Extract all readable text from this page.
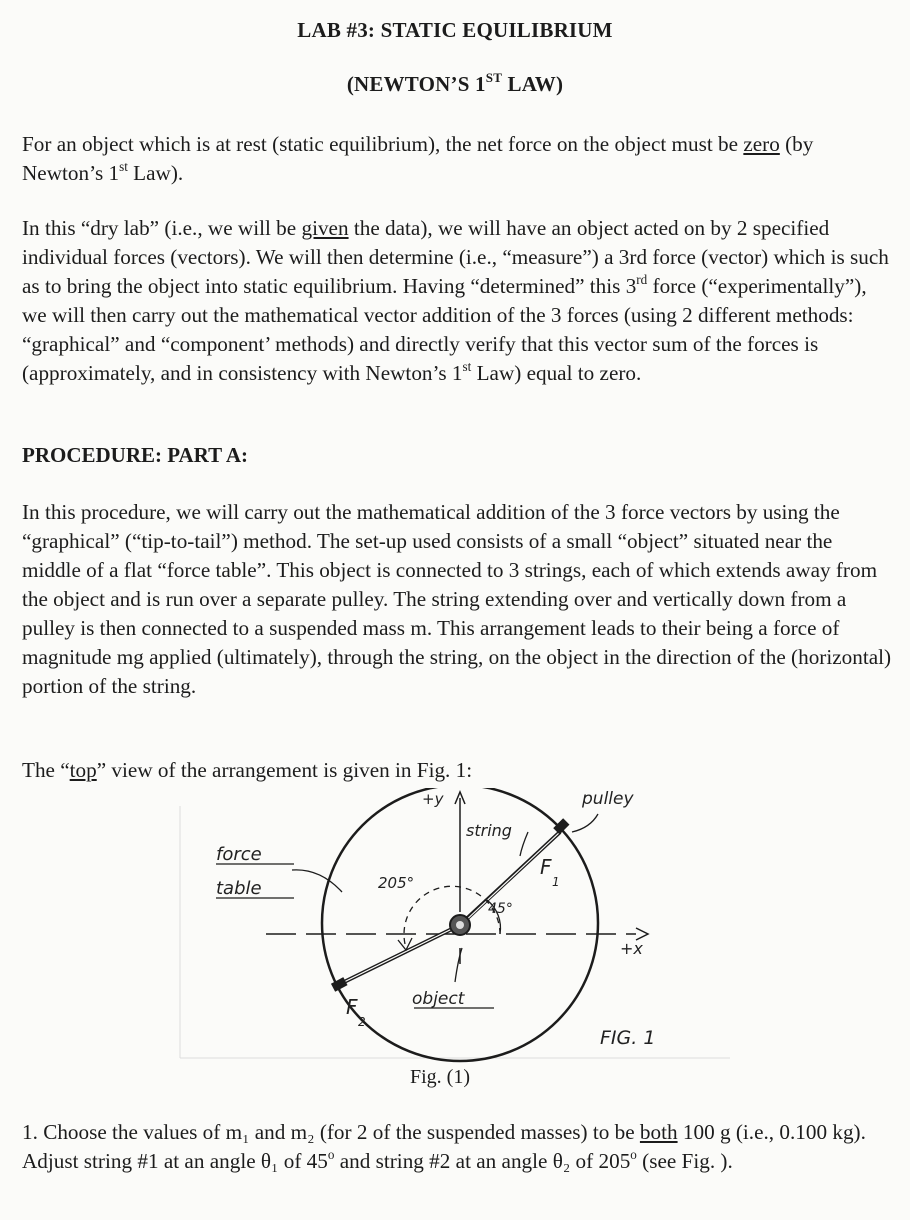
LAB #3: STATIC EQUILIBRIUM
(NEWTON’S 1ST LAW)

For an object which is at rest (static equilibrium), the net force on the object must be zero (by Newton’s 1st Law).

In this “dry lab” (i.e., we will be given the data), we will have an object acted on by 2 specified individual forces (vectors). We will then determine (i.e., “measure”) a 3rd force (vector) which is such as to bring the object into static equilibrium. Having “determined” this 3rd force (“experimentally”), we will then carry out the mathematical vector addition of the 3 forces (using 2 different methods: “graphical” and “component’ methods) and directly verify that this vector sum of the forces is (approximately, and in consistency with Newton’s 1st Law) equal to zero.

PROCEDURE: PART A:

In this procedure, we will carry out the mathematical addition of the 3 force vectors by using the “graphical” (“tip-to-tail”) method. The set-up used consists of a small “object” situated near the middle of a flat “force table”. This object is connected to 3 strings, each of which extends away from the object and is run over a separate pulley. The string extending over and vertically down from a pulley is then connected to a suspended mass m. This arrangement leads to their being a force of magnitude mg applied (ultimately), through the string, on the object in the direction of the (horizontal) portion of the string.

The “top” view of the arrangement is given in Fig. 1:

+y	pulley
string
force
table	205°
45°
F
1
F
2
object
+x
FIG. 1
Fig. (1)

1. Choose the values of m₁ and m₂ (for 2 of the suspended masses) to be both 100 g (i.e., 0.100 kg). Adjust string #1 at an angle θ₁ of 45$^o$ and string #2 at an angle θ₂ of 205$^o$ (see Fig. ).
